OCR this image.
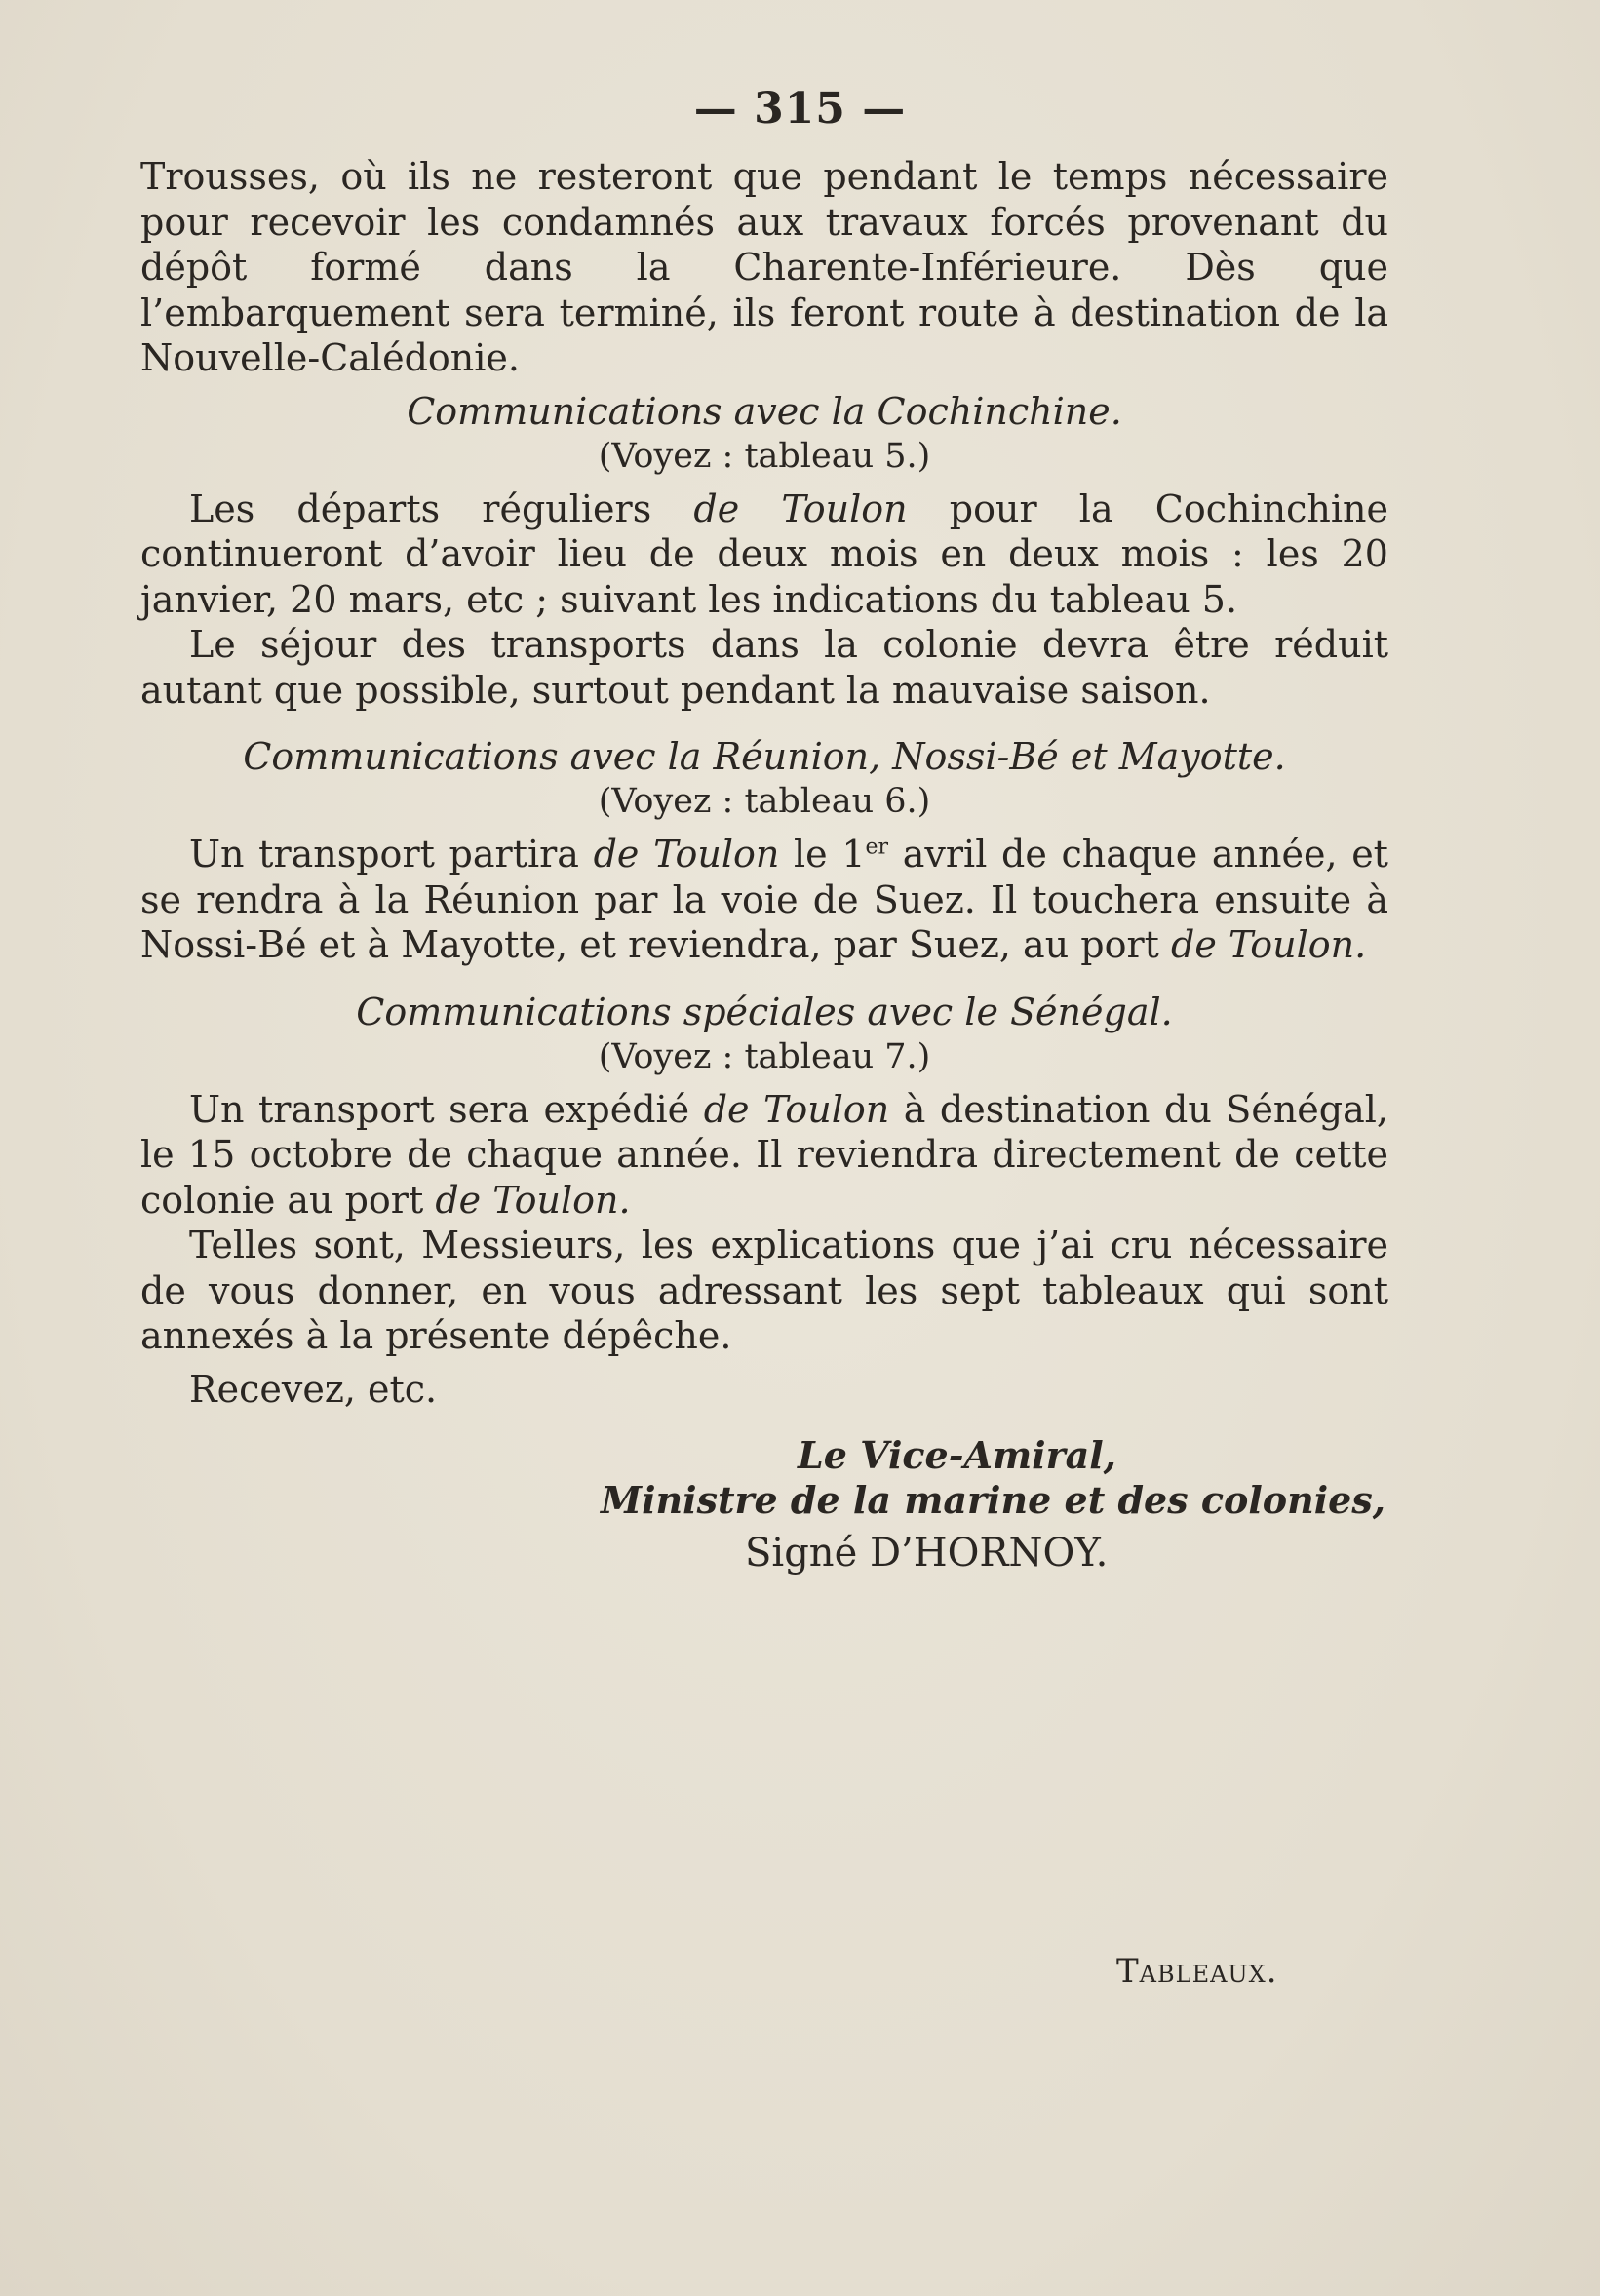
— 315 —

Trousses, où ils ne resteront que pendant le temps nécessaire pour recevoir les condamnés aux travaux forcés provenant du dépôt formé dans la Charente-Inférieure. Dès que l’embarquement sera terminé, ils feront route à destination de la Nouvelle-Calédonie.

Communications avec la Cochinchine.
(Voyez : tableau 5.)

Les départs réguliers de Toulon pour la Cochinchine continueront d’avoir lieu de deux mois en deux mois : les 20 janvier, 20 mars, etc ; suivant les indications du tableau 5.

Le séjour des transports dans la colonie devra être réduit autant que possible, surtout pendant la mauvaise saison.

Communications avec la Réunion, Nossi-Bé et Mayotte.
(Voyez : tableau 6.)

Un transport partira de Toulon le 1er avril de chaque année, et se rendra à la Réunion par la voie de Suez. Il touchera ensuite à Nossi-Bé et à Mayotte, et reviendra, par Suez, au port de Toulon.

Communications spéciales avec le Sénégal.
(Voyez : tableau 7.)

Un transport sera expédié de Toulon à destination du Sénégal, le 15 octobre de chaque année. Il reviendra directement de cette colonie au port de Toulon.

Telles sont, Messieurs, les explications que j’ai cru nécessaire de vous donner, en vous adressant les sept tableaux qui sont annexés à la présente dépêche.

Recevez, etc.

Le Vice-Amiral,
Ministre de la marine et des colonies,
Signé D’HORNOY.
Tableaux.
